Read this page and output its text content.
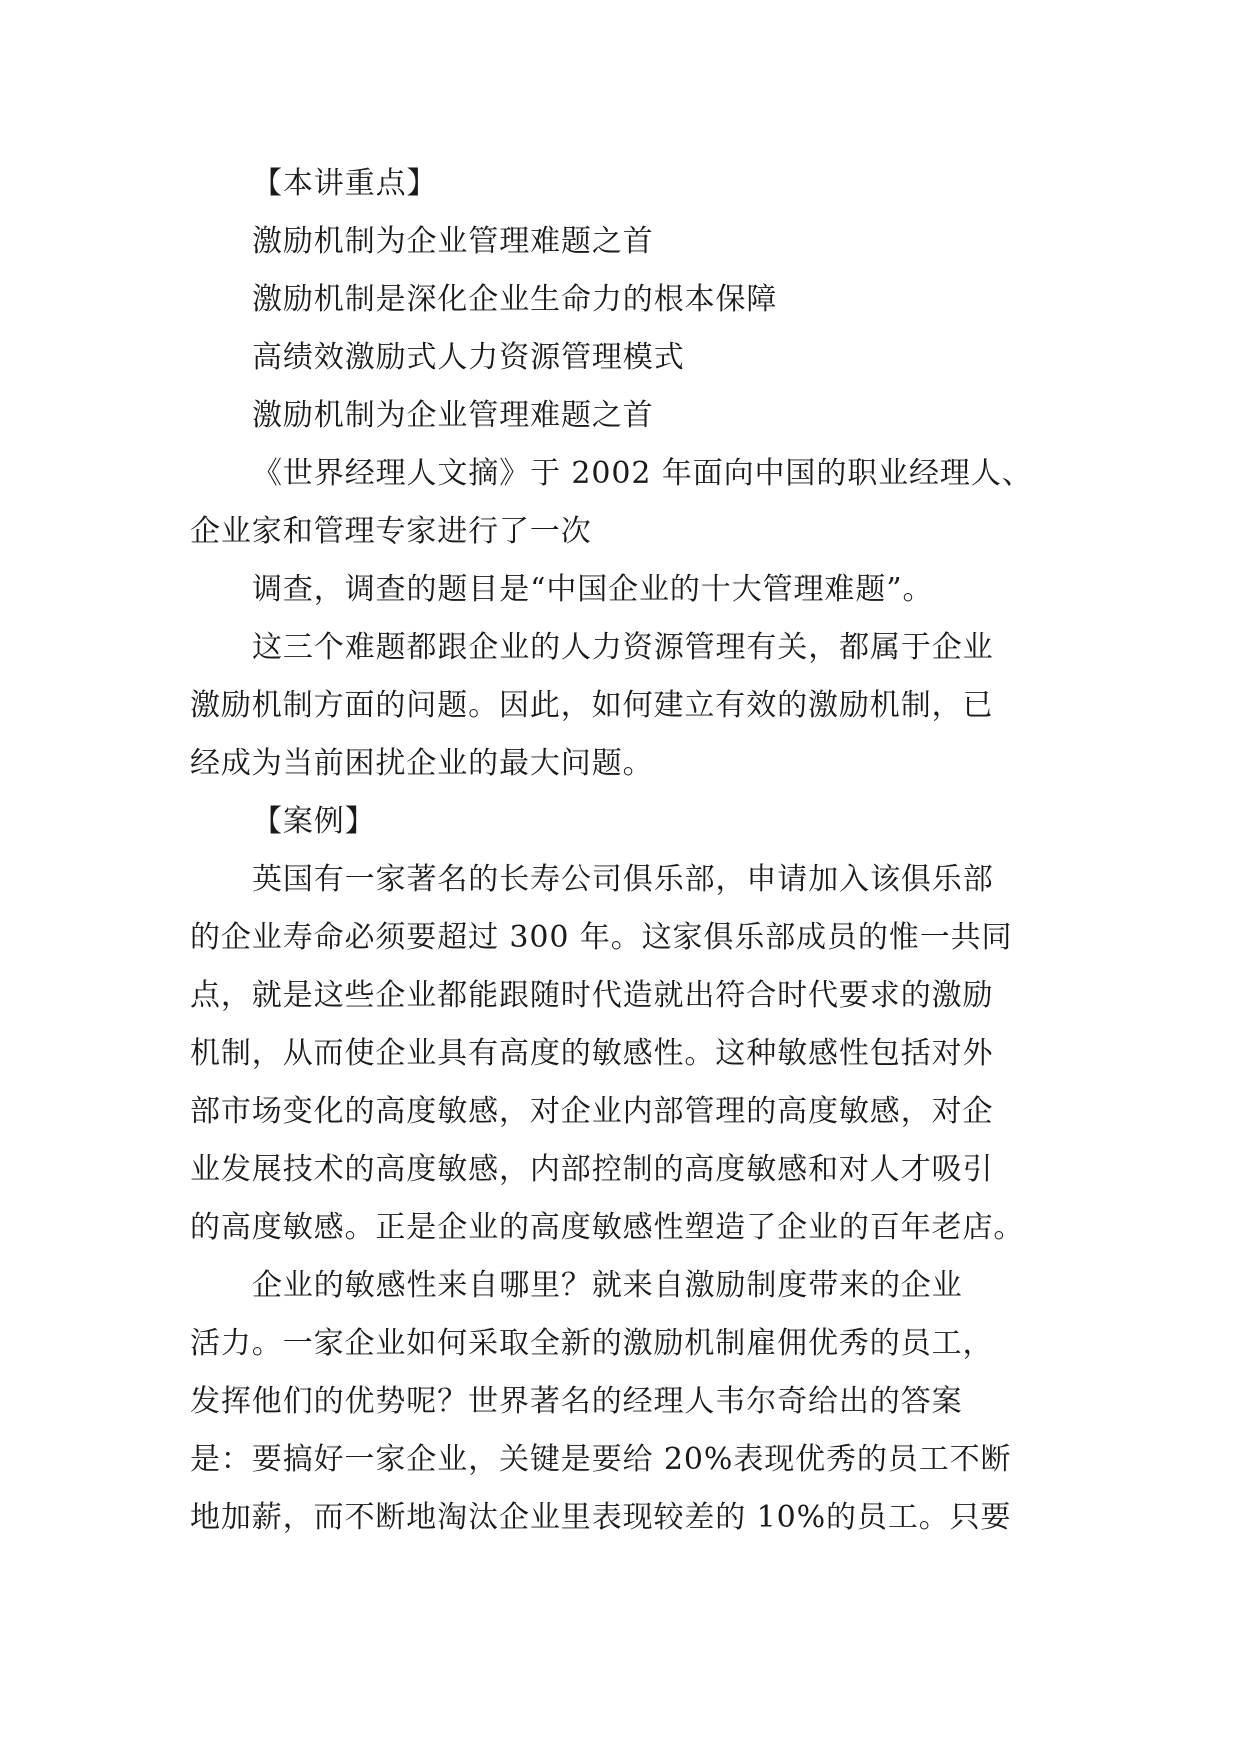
【本讲重点】
激励机制为企业管理难题之首
激励机制是深化企业生命力的根本保障
高绩效激励式人力资源管理模式
激励机制为企业管理难题之首
《世界经理人文摘》于 2002 年面向中国的职业经理人、
企业家和管理专家进行了一次
调查，调查的题目是“中国企业的十大管理难题”。
这三个难题都跟企业的人力资源管理有关，都属于企业
激励机制方面的问题。因此，如何建立有效的激励机制，已
经成为当前困扰企业的最大问题。
【案例】
英国有一家著名的长寿公司俱乐部，申请加入该俱乐部
的企业寿命必须要超过 300 年。这家俱乐部成员的惟一共同
点，就是这些企业都能跟随时代造就出符合时代要求的激励
机制，从而使企业具有高度的敏感性。这种敏感性包括对外
部市场变化的高度敏感，对企业内部管理的高度敏感，对企
业发展技术的高度敏感，内部控制的高度敏感和对人才吸引
的高度敏感。正是企业的高度敏感性塑造了企业的百年老店。
企业的敏感性来自哪里？就来自激励制度带来的企业
活力。一家企业如何采取全新的激励机制雇佣优秀的员工，
发挥他们的优势呢？世界著名的经理人韦尔奇给出的答案
是：要搞好一家企业，关键是要给 20%表现优秀的员工不断
地加薪，而不断地淘汰企业里表现较差的 10%的员工。只要
